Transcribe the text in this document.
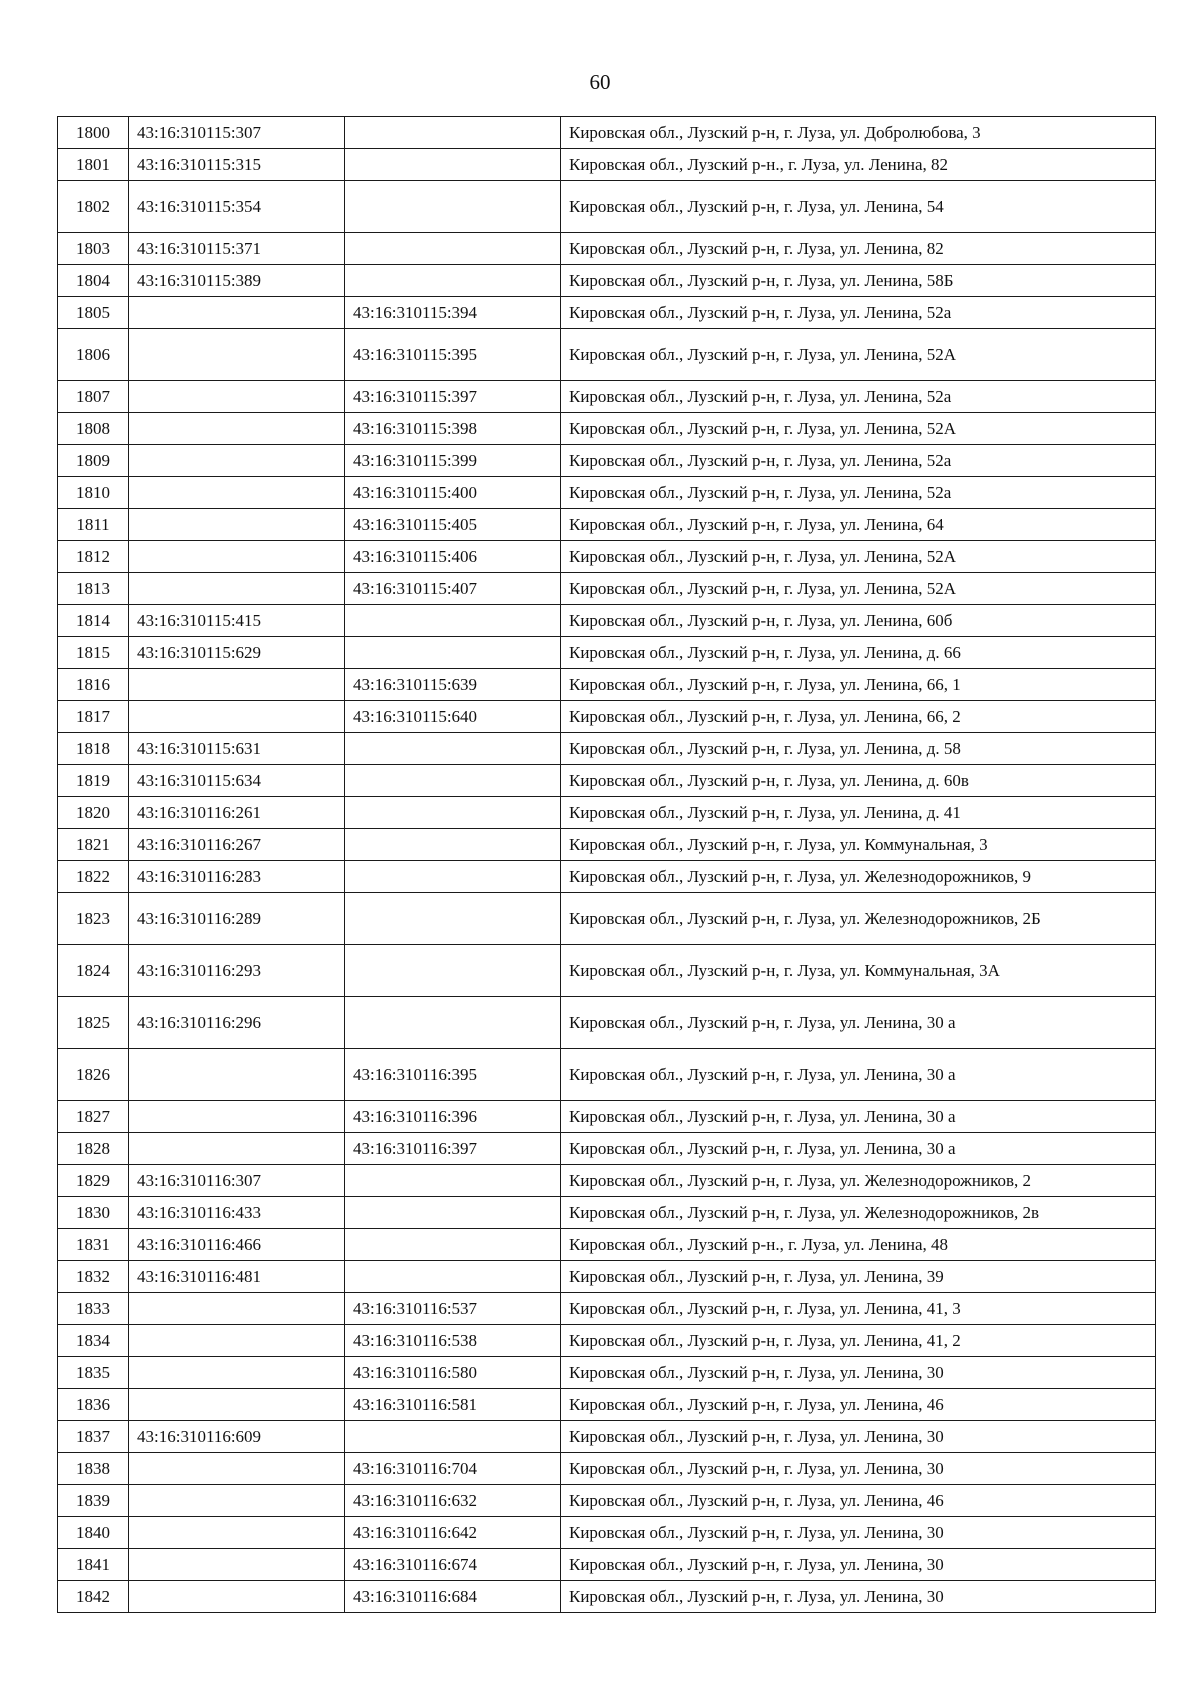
60
1800	43:16:310115:307		Кировская обл., Лузский р-н, г. Луза, ул. Добролюбова, 3
1801	43:16:310115:315		Кировская обл., Лузский р-н., г. Луза, ул. Ленина, 82
1802	43:16:310115:354		Кировская обл., Лузский р-н, г. Луза, ул. Ленина, 54
1803	43:16:310115:371		Кировская обл., Лузский р-н, г. Луза, ул. Ленина, 82
1804	43:16:310115:389		Кировская обл., Лузский р-н, г. Луза, ул. Ленина, 58Б
1805		43:16:310115:394	Кировская обл., Лузский р-н, г. Луза, ул. Ленина, 52а
1806		43:16:310115:395	Кировская обл., Лузский р-н, г. Луза, ул. Ленина, 52А
1807		43:16:310115:397	Кировская обл., Лузский р-н, г. Луза, ул. Ленина, 52а
1808		43:16:310115:398	Кировская обл., Лузский р-н, г. Луза, ул. Ленина, 52А
1809		43:16:310115:399	Кировская обл., Лузский р-н, г. Луза, ул. Ленина, 52а
1810		43:16:310115:400	Кировская обл., Лузский р-н, г. Луза, ул. Ленина, 52а
1811		43:16:310115:405	Кировская обл., Лузский р-н, г. Луза, ул. Ленина, 64
1812		43:16:310115:406	Кировская обл., Лузский р-н, г. Луза, ул. Ленина, 52А
1813		43:16:310115:407	Кировская обл., Лузский р-н, г. Луза, ул. Ленина, 52А
1814	43:16:310115:415		Кировская обл., Лузский р-н, г. Луза, ул. Ленина, 60б
1815	43:16:310115:629		Кировская обл., Лузский р-н, г. Луза, ул. Ленина, д. 66
1816		43:16:310115:639	Кировская обл., Лузский р-н, г. Луза, ул. Ленина, 66, 1
1817		43:16:310115:640	Кировская обл., Лузский р-н, г. Луза, ул. Ленина, 66, 2
1818	43:16:310115:631		Кировская обл., Лузский р-н, г. Луза, ул. Ленина, д. 58
1819	43:16:310115:634		Кировская обл., Лузский р-н, г. Луза, ул. Ленина, д. 60в
1820	43:16:310116:261		Кировская обл., Лузский р-н, г. Луза, ул. Ленина, д. 41
1821	43:16:310116:267		Кировская обл., Лузский р-н, г. Луза, ул. Коммунальная, 3
1822	43:16:310116:283		Кировская обл., Лузский р-н, г. Луза, ул. Железнодорожников, 9
1823	43:16:310116:289		Кировская обл., Лузский р-н, г. Луза, ул. Железнодорожников, 2Б
1824	43:16:310116:293		Кировская обл., Лузский р-н, г. Луза, ул. Коммунальная, 3А
1825	43:16:310116:296		Кировская обл., Лузский р-н, г. Луза, ул. Ленина, 30 а
1826		43:16:310116:395	Кировская обл., Лузский р-н, г. Луза, ул. Ленина, 30 а
1827		43:16:310116:396	Кировская обл., Лузский р-н, г. Луза, ул. Ленина, 30 а
1828		43:16:310116:397	Кировская обл., Лузский р-н, г. Луза, ул. Ленина, 30 а
1829	43:16:310116:307		Кировская обл., Лузский р-н, г. Луза, ул. Железнодорожников, 2
1830	43:16:310116:433		Кировская обл., Лузский р-н, г. Луза, ул. Железнодорожников, 2в
1831	43:16:310116:466		Кировская обл., Лузский р-н., г. Луза, ул. Ленина, 48
1832	43:16:310116:481		Кировская обл., Лузский р-н, г. Луза, ул. Ленина, 39
1833		43:16:310116:537	Кировская обл., Лузский р-н, г. Луза, ул. Ленина, 41, 3
1834		43:16:310116:538	Кировская обл., Лузский р-н, г. Луза, ул. Ленина, 41, 2
1835		43:16:310116:580	Кировская обл., Лузский р-н, г. Луза, ул. Ленина, 30
1836		43:16:310116:581	Кировская обл., Лузский р-н, г. Луза, ул. Ленина, 46
1837	43:16:310116:609		Кировская обл., Лузский р-н, г. Луза, ул. Ленина, 30
1838		43:16:310116:704	Кировская обл., Лузский р-н, г. Луза, ул. Ленина, 30
1839		43:16:310116:632	Кировская обл., Лузский р-н, г. Луза, ул. Ленина, 46
1840		43:16:310116:642	Кировская обл., Лузский р-н, г. Луза, ул. Ленина, 30
1841		43:16:310116:674	Кировская обл., Лузский р-н, г. Луза, ул. Ленина, 30
1842		43:16:310116:684	Кировская обл., Лузский р-н, г. Луза, ул. Ленина, 30
